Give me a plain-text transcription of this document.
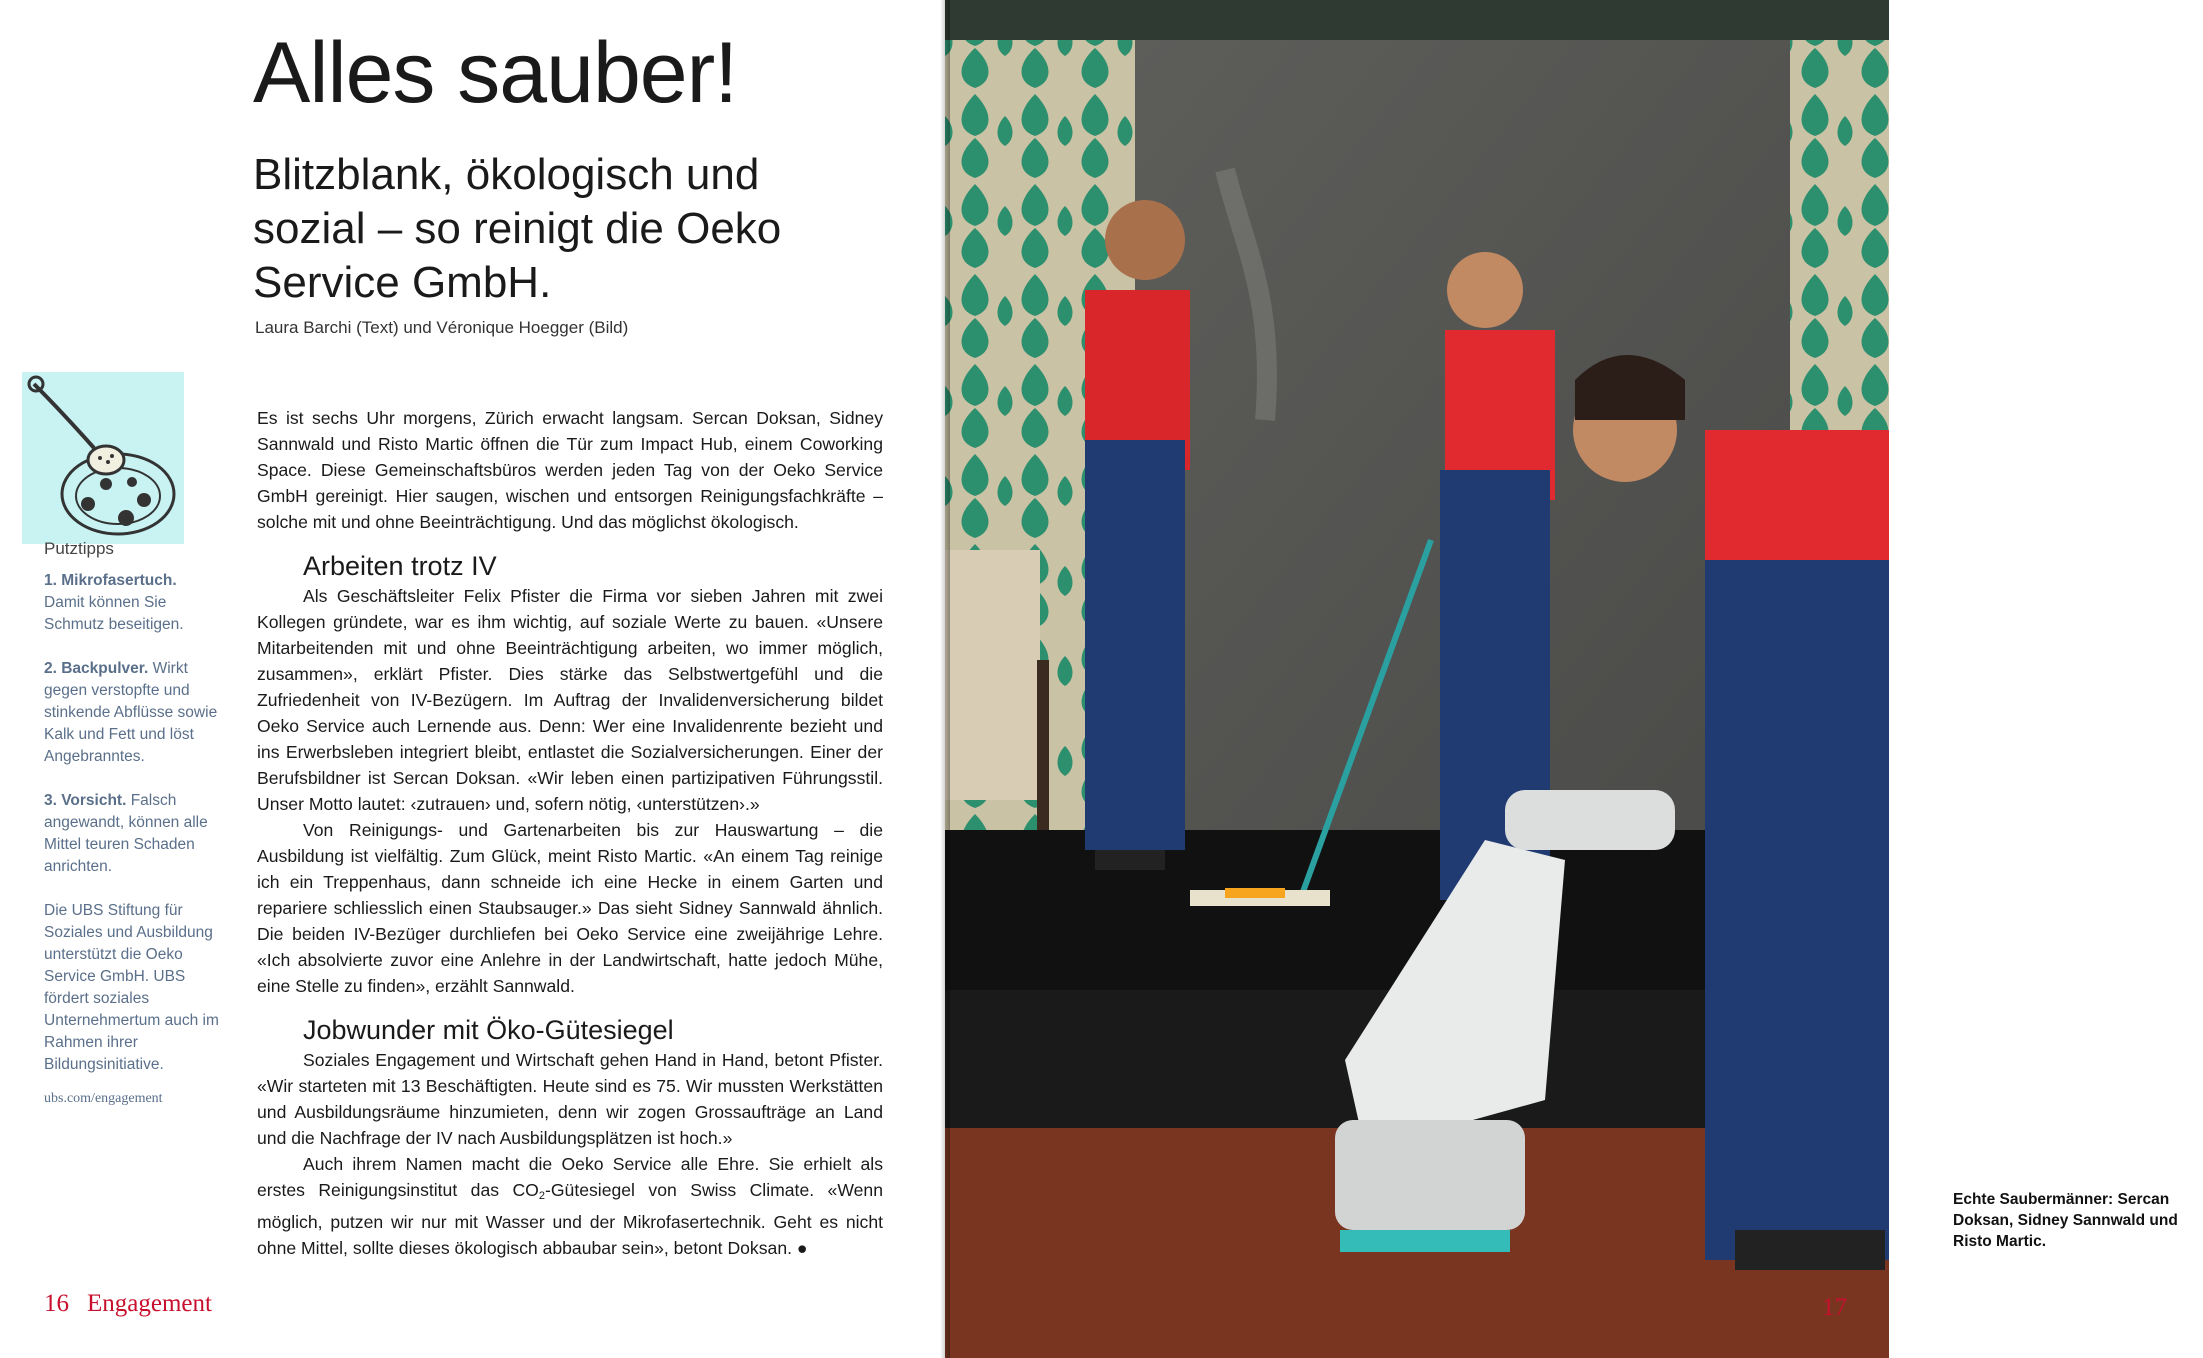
Alles sauber!
Blitzblank, ökologisch und sozial – so reinigt die Oeko Service GmbH.
Laura Barchi (Text) und Véronique Hoegger (Bild)
Putztipps

1. Mikrofasertuch.
Damit können Sie Schmutz beseitigen.

2. Backpulver. Wirkt gegen verstopfte und stinkende Abflüsse sowie Kalk und Fett und löst Angebranntes.

3. Vorsicht. Falsch angewandt, können alle Mittel teuren Schaden anrichten.

Die UBS Stiftung für Soziales und Ausbildung unterstützt die Oeko Service GmbH. UBS fördert soziales Unternehmertum auch im Rahmen ihrer Bildungsinitiative.

ubs.com/engagement

Es ist sechs Uhr morgens, Zürich erwacht langsam. Sercan Doksan, Sidney Sannwald und Risto Martic öffnen die Tür zum Impact Hub, einem Coworking Space. Diese Gemeinschaftsbüros werden jeden Tag von der Oeko Service GmbH gereinigt. Hier saugen, wischen und entsorgen Reinigungsfachkräfte – solche mit und ohne Beeinträchtigung. Und das möglichst ökologisch.

Arbeiten trotz IV

Als Geschäftsleiter Felix Pfister die Firma vor sieben Jahren mit zwei Kollegen gründete, war es ihm wichtig, auf soziale Werte zu bauen. «Unsere Mitarbeitenden mit und ohne Beeinträchtigung arbeiten, wo immer möglich, zusammen», erklärt Pfister. Dies stärke das Selbstwertgefühl und die Zufriedenheit von IV-Bezügern. Im Auftrag der Invalidenversicherung bildet Oeko Service auch Lernende aus. Denn: Wer eine Invalidenrente bezieht und ins Erwerbsleben integriert bleibt, entlastet die Sozialversicherungen. Einer der Berufsbildner ist Sercan Doksan. «Wir leben einen partizipativen Führungsstil. Unser Motto lautet: ‹zutrauen› und, sofern nötig, ‹unterstützen›.»

Von Reinigungs- und Gartenarbeiten bis zur Hauswartung – die Ausbildung ist vielfältig. Zum Glück, meint Risto Martic. «An einem Tag reinige ich ein Treppenhaus, dann schneide ich eine Hecke in einem Garten und repariere schliesslich einen Staubsauger.» Das sieht Sidney Sannwald ähnlich. Die beiden IV-Bezüger durchliefen bei Oeko Service eine zweijährige Lehre. «Ich absolvierte zuvor eine Anlehre in der Landwirtschaft, hatte jedoch Mühe, eine Stelle zu finden», erzählt Sannwald.

Jobwunder mit Öko-Gütesiegel

Soziales Engagement und Wirtschaft gehen Hand in Hand, betont Pfister. «Wir starteten mit 13 Beschäftigten. Heute sind es 75. Wir mussten Werkstätten und Ausbildungsräume hinzumieten, denn wir zogen Grossaufträge an Land und die Nachfrage der IV nach Ausbildungsplätzen ist hoch.»

Auch ihrem Namen macht die Oeko Service alle Ehre. Sie erhielt als erstes Reinigungsinstitut das $CO_2$-Gütesiegel von Swiss Climate. «Wenn möglich, putzen wir nur mit Wasser und der Mikrofasertechnik. Geht es nicht ohne Mittel, sollte dieses ökologisch abbaubar sein», betont Doksan. ●

16 Engagement
Echte Saubermänner: Sercan Doksan, Sidney Sannwald und Risto Martic.
17
